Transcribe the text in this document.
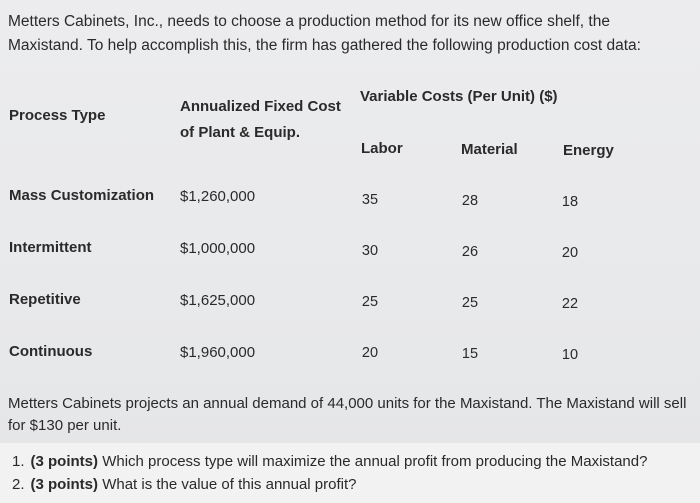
Metters Cabinets, Inc., needs to choose a production method for its new office shelf, the Maxistand. To help accomplish this, the firm has gathered the following production cost data:
Process Type
Annualized Fixed Cost of Plant & Equip.
Variable Costs (Per Unit) ($)
Labor	Material	Energy
Mass Customization $1,260,000	35	28	18
Intermittent	$1,000,000	30	26	20
Repetitive	$1,625,000	25	25	22
Continuous	$1,960,000	20	15	10
Metters Cabinets projects an annual demand of 44,000 units for the Maxistand. The Maxistand will sell for $130 per unit.
1. (3 points) Which process type will maximize the annual profit from producing the Maxistand?
2. (3 points) What is the value of this annual profit?
